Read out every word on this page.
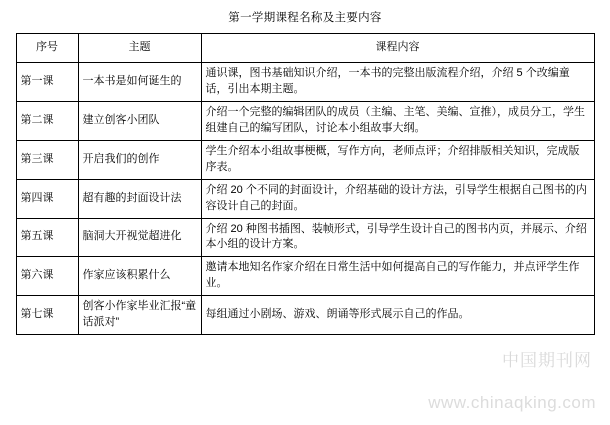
第一学期课程名称及主要内容
序号	主题	课程内容
第一课	一本书是如何诞生的	通识课，图书基础知识介绍，一本书的完整出版流程介绍，介绍 5 个改编童话，引出本期主题。
第二课	建立创客小团队	介绍一个完整的编辑团队的成员（主编、主笔、美编、宣推），成员分工，学生组建自己的编写团队，讨论本小组故事大纲。
第三课	开启我们的创作	学生介绍本小组故事梗概，写作方向，老师点评；介绍排版相关知识，完成版序表。
第四课	超有趣的封面设计法	介绍 20 个不同的封面设计，介绍基础的设计方法，引导学生根据自己图书的内容设计自己的封面。
第五课	脑洞大开视觉超进化	介绍 20 种图书插图、装帧形式，引导学生设计自己的图书内页，并展示、介绍本小组的设计方案。
第六课	作家应该积累什么	邀请本地知名作家介绍在日常生活中如何提高自己的写作能力，并点评学生作业。
第七课	创客小作家毕业汇报“童话派对”	每组通过小剧场、游戏、朗诵等形式展示自己的作品。
中国期刊网
www.chinaqking.com
